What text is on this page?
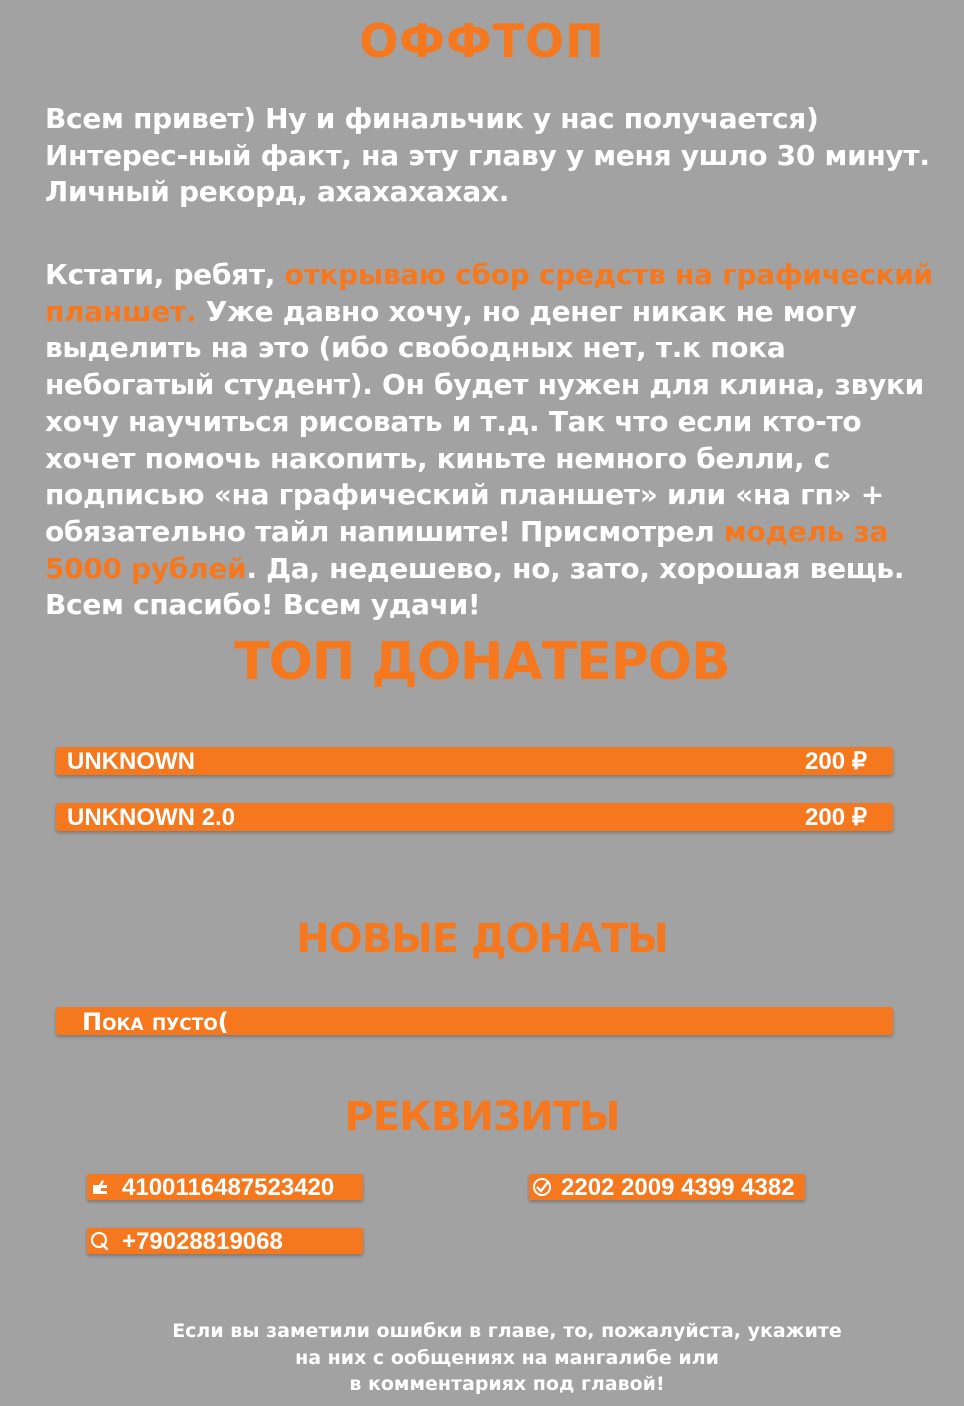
ОФФТОП

Всем привет) Ну и финальчик у нас получается) Интерес-ный факт, на эту главу у меня ушло 30 минут. Личный рекорд, ахахахахах.

Кстати, ребят, открываю сбор средств на графический планшет. Уже давно хочу, но денег никак не могу выделить на это (ибо свободных нет, т.к пока небогатый студент). Он будет нужен для клина, звуки хочу научиться рисовать и т.д. Так что если кто-то хочет помочь накопить, киньте немного белли, с подписью «на графический планшет» или «на гп» + обязательно тайл напишите! Присмотрел модель за 5000 рублей. Да, недешево, но, зато, хорошая вещь. Всем спасибо! Всем удачи!

ТОП ДОНАТЕРОВ
UNKNOWN	200 ₽
UNKNOWN 2.0	200 ₽
НОВЫЕ ДОНАТЫ
Пока пусто(
РЕКВИЗИТЫ
4100116487523420	2202 2009 4399 4382
+79028819068

Если вы заметили ошибки в главе, то, пожалуйста, укажите
на них с ообщениях на мангалибе или
в комментариях под главой!
